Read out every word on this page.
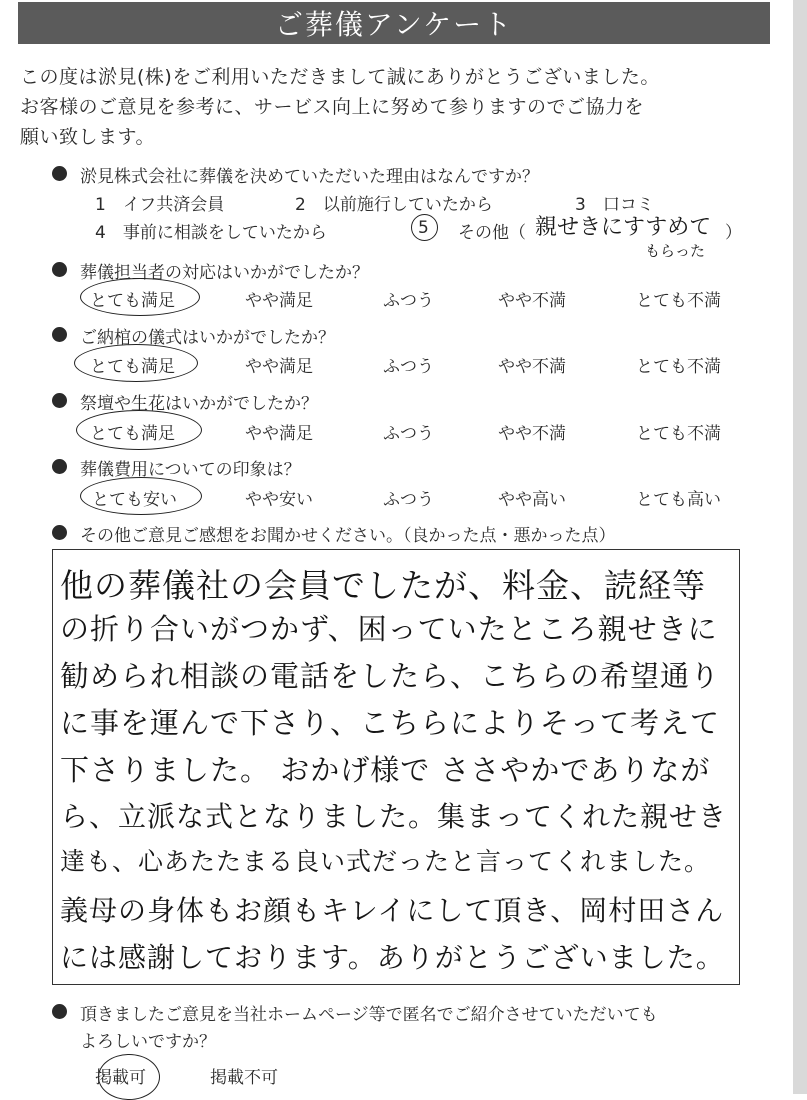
ご葬儀アンケート
この度は淤見(株)をご利用いただきまして誠にありがとうございました。
お客様のご意見を参考に、サービス向上に努めて参りますのでご協力を
願い致します。
淤見株式会社に葬儀を決めていただいた理由はなんですか？
1　イフ共済会員	2　以前施行していたから	3　口コミ
4　事前に相談をしていたから	5 その他（ 親せきにすすめて ）
もらった
葬儀担当者の対応はいかがでしたか？
とても満足	やや満足	ふつう	やや不満	とても不満
ご納棺の儀式はいかがでしたか？
とても満足	やや満足	ふつう	やや不満	とても不満
祭壇や生花はいかがでしたか？
とても満足	やや満足	ふつう	やや不満	とても不満
葬儀費用についての印象は？
とても安い	やや安い	ふつう	やや高い	とても高い
その他ご意見ご感想をお聞かせください。（良かった点・悪かった点）
他の葬儀社の会員でしたが、料金、読経等
の折り合いがつかず、困っていたところ親せきに
勧められ相談の電話をしたら、こちらの希望通り
に事を運んで下さり、こちらによりそって考えて
下さりました。 おかげ様で ささやかでありなが
ら、立派な式となりました。集まってくれた親せき
達も、心あたたまる良い式だったと言ってくれました。
義母の身体もお顔もキレイにして頂き、岡村田さん
には感謝しております。ありがとうございました。
頂きましたご意見を当社ホームページ等で匿名でご紹介させていただいても
よろしいですか？
掲載可	掲載不可
